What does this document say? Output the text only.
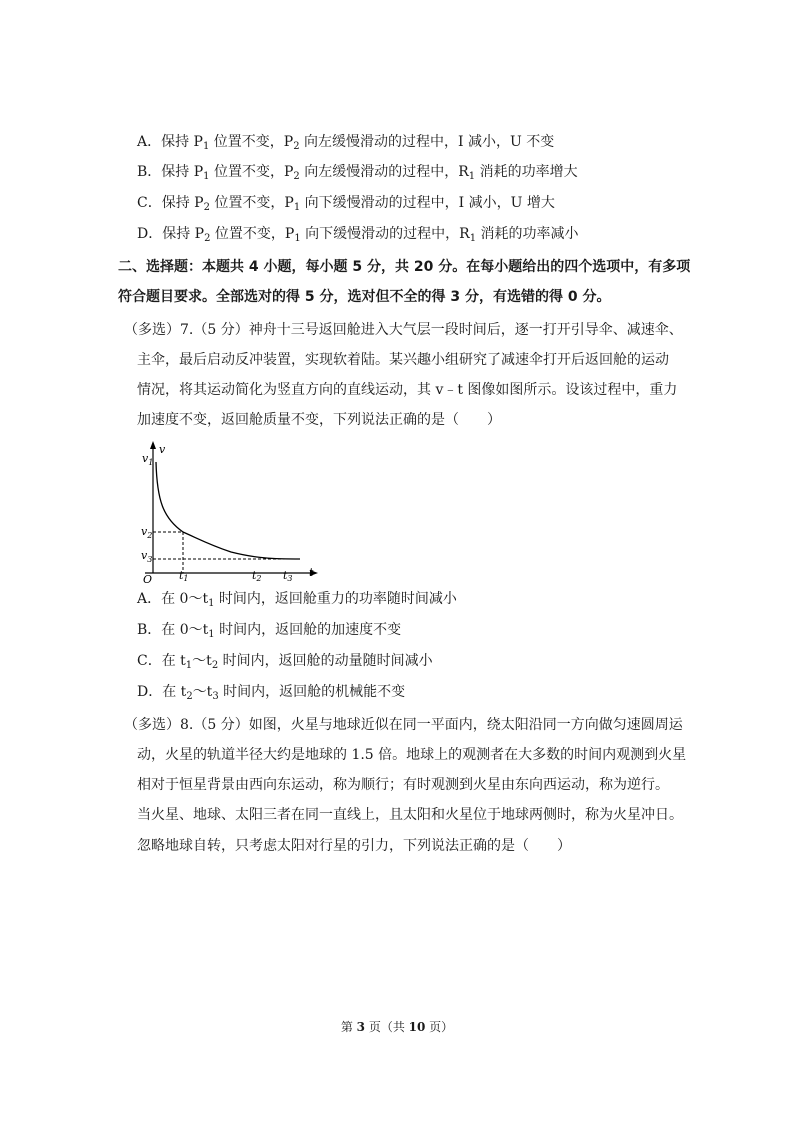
A．保持 $P_1$ 位置不变，$P_2$ 向左缓慢滑动的过程中，I 减小，U 不变
B．保持 $P_1$ 位置不变，$P_2$ 向左缓慢滑动的过程中，$R_1$ 消耗的功率增大
C．保持 $P_2$ 位置不变，$P_1$ 向下缓慢滑动的过程中，I 减小，U 增大
D．保持 $P_2$ 位置不变，$P_1$ 向下缓慢滑动的过程中，$R_1$ 消耗的功率减小
二、选择题：本题共 4 小题，每小题 5 分，共 20 分。在每小题给出的四个选项中，有多项
符合题目要求。全部选对的得 5 分，选对但不全的得 3 分，有选错的得 0 分。
（多选）7.（5 分）神舟十三号返回舱进入大气层一段时间后，逐一打开引导伞、减速伞、
主伞，最后启动反冲装置，实现软着陆。某兴趣小组研究了减速伞打开后返回舱的运动
情况，将其运动简化为竖直方向的直线运动，其 v﹣t 图像如图所示。设该过程中，重力
加速度不变，返回舱质量不变，下列说法正确的是（　　）
v
t
$v_1$
$v_2$
$v_3$
O t1	t2 t3
A．在 $0\sim t_1$ 时间内，返回舱重力的功率随时间减小
B．在 $0\sim t_1$ 时间内，返回舱的加速度不变
C．在 $t_1\sim t_2$ 时间内，返回舱的动量随时间减小
D．在 $t_2\sim t_3$ 时间内，返回舱的机械能不变
（多选）8.（5 分）如图，火星与地球近似在同一平面内，绕太阳沿同一方向做匀速圆周运
动，火星的轨道半径大约是地球的 1.5 倍。地球上的观测者在大多数的时间内观测到火星
相对于恒星背景由西向东运动，称为顺行；有时观测到火星由东向西运动，称为逆行。
当火星、地球、太阳三者在同一直线上，且太阳和火星位于地球两侧时，称为火星冲日。
忽略地球自转，只考虑太阳对行星的引力，下列说法正确的是（　　）
第 3 页（共 10 页）
